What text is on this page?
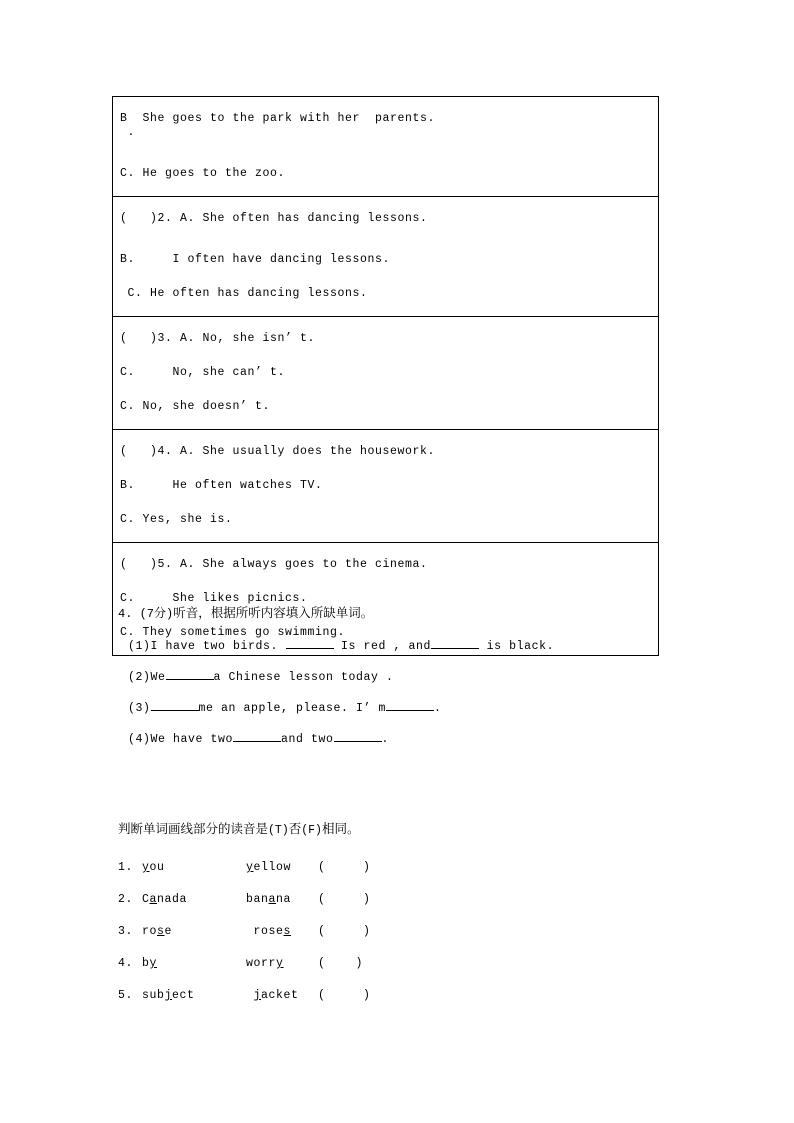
B  She goes to the park with her  parents.
.
C. He goes to the zoo.
(   )2. A. She often has dancing lessons.
B.     I often have dancing lessons.
C. He often has dancing lessons.
(   )3. A. No, she isn’ t.
C.     No, she can’ t.
C. No, she doesn’ t.
(   )4. A. She usually does the housework.
B.     He often watches TV.
C. Yes, she is.
(   )5. A. She always goes to the cinema.
C.     She likes picnics.
C. They sometimes go swimming.
4. (7分)听音，根据所听内容填入所缺单词。
(1)I have two birds.	Is red , and	is black.
(2)We	a Chinese lesson today .
(3)	me an apple, please. I’ m	.
(4)We have two	and two	.
判断单词画线部分的读音是(T)否(F)相同。
1. you	yellow (     )
2. Canada	banana (     )
3. rose	roses (     )
4. by	worry	(    )
5. subject	jacket (     )
